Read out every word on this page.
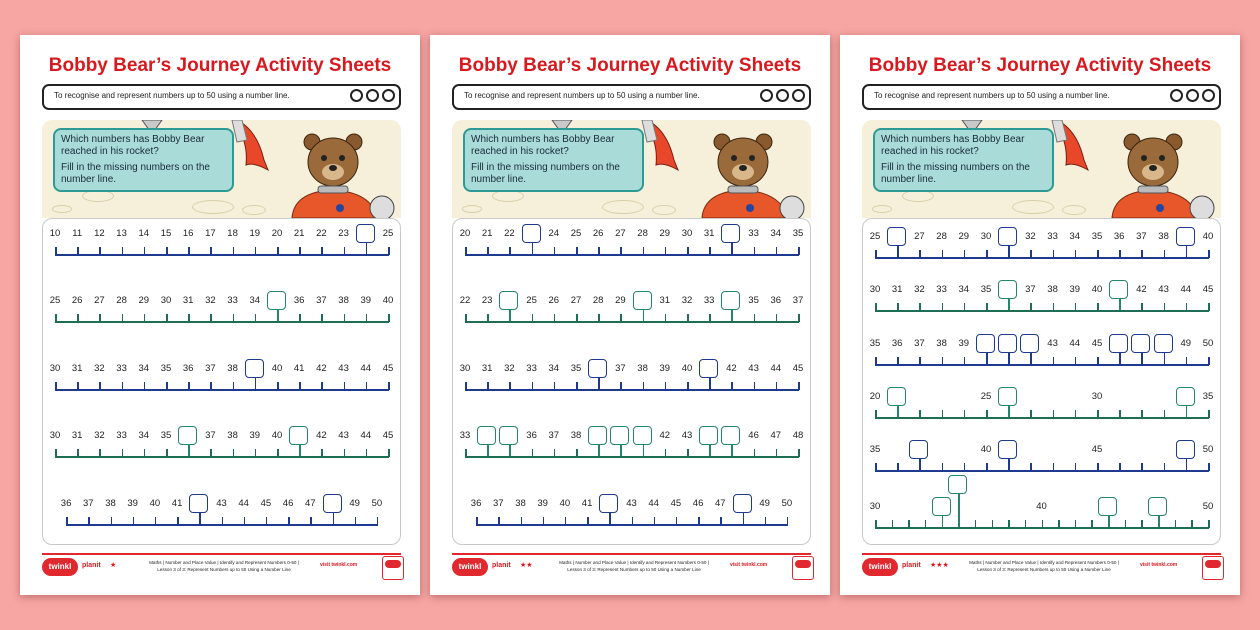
Bobby Bear’s Journey Activity Sheets
To recognise and represent numbers up to 50 using a number line.

Which numbers has Bobby Bear reached in his rocket?

Fill in the missing numbers on the number line.

10	11	12	13	14	15	16	17	18	19	20	21	22	23	25
25	26	27	28	29	30	31	32	33	34	36	37	38	39	40
30	31	32	33	34	35	36	37	38	40	41	42	43	44	45
30	31	32	33	34	35	37	38	39	40	42	43	44	45
36	37	38	39	40	41	43	44	45	46	47	49	50
twinkl	planit ★	Maths | Number and Place Value | Identify and Represent Numbers 0-50 |
Lesson 3 of 3: Represent Numbers up to 50 Using a Number Line
visit twinkl.com
Bobby Bear’s Journey Activity Sheets
To recognise and represent numbers up to 50 using a number line.

Which numbers has Bobby Bear reached in his rocket?

Fill in the missing numbers on the number line.

20	21	22	24	25	26	27	28	29	30	31	33	34	35
22	23	25	26	27	28	29	31	32	33	35	36	37
30	31	32	33	34	35	37	38	39	40	42	43	44	45
33	36	37	38	42	43	46	47	48
36	37	38	39	40	41	43	44	45	46	47	49	50
twinkl	planit ★★	Maths | Number and Place Value | Identify and Represent Numbers 0-50 |
Lesson 3 of 3: Represent Numbers up to 50 Using a Number Line
visit twinkl.com
Bobby Bear’s Journey Activity Sheets
To recognise and represent numbers up to 50 using a number line.

Which numbers has Bobby Bear reached in his rocket?

Fill in the missing numbers on the number line.

25	27	28	29	30	32	33	34	35	36	37	38	40
30	31	32	33	34	35	37	38	39	40	42	43	44	45
35	36	37	38	39	43	44	45	49	50
20	25	30	35
35	40	45	50
30	40	50
twinkl	planit ★★★	Maths | Number and Place Value | Identify and Represent Numbers 0-50 |
Lesson 3 of 3: Represent Numbers up to 50 Using a Number Line
visit twinkl.com
